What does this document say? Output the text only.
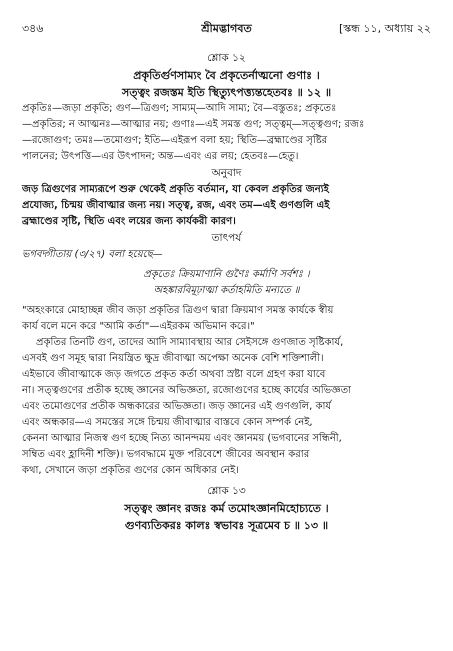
৩৪৬	শ্রীমদ্ভাগবত	[স্কন্ধ ১১, অধ্যায় ২২
শ্লোক ১২
প্রকৃতির্গুণসাম্যং বৈ প্রকৃতের্নাত্মনো গুণাঃ ।
সত্ত্বং রজস্তম ইতি স্থিত্যুৎপত্ত্যন্তহেতবঃ ॥ ১২ ॥
প্রকৃতিঃ—জড়া প্রকৃতি; গুণ—ত্রিগুণ; সাম্যম্—আদি সাম্য; বৈ—বস্তুতঃ; প্রকৃতেঃ
—প্রকৃতির; ন আত্মনঃ—আত্মার নয়; গুণাঃ—এই সমস্ত গুণ; সত্ত্বম্—সত্ত্বগুণ; রজঃ
—রজোগুণ; তমঃ—তমোগুণ; ইতি—এইরূপ বলা হয়; স্থিতি—ব্রহ্মাণ্ডের সৃষ্টির
পালনের; উৎপত্তি—এর উৎপাদন; অন্ত—এবং এর লয়; হেতবঃ—হেতু।
অনুবাদ
জড় ত্রিগুণের সাম্যরূপে শুরু থেকেই প্রকৃতি বর্তমান, যা কেবল প্রকৃতির জন্যই
প্রযোজ্য, চিন্ময় জীবাত্মার জন্য নয়। সত্ত্ব, রজ, এবং তম—এই গুণগুলি এই
ব্রহ্মাণ্ডের সৃষ্টি, স্থিতি এবং লয়ের জন্য কার্যকরী কারণ।
তাৎপর্য
ভগবদ্গীতায় (৩/২৭) বলা হয়েছে—
প্রকৃতেঃ ক্রিয়মাণানি গুণৈঃ কর্মাণি সর্বশঃ ।
অহঙ্কারবিমূঢ়াত্মা কর্তাহমিতি মন্যতে ॥
"অহংকারে মোহাচ্ছন্ন জীব জড়া প্রকৃতির ত্রিগুণ দ্বারা ক্রিয়মাণ সমস্ত কার্যকে স্বীয়
কার্য বলে মনে করে "আমি কর্তা"—এইরকম অভিমান করে।"
প্রকৃতির তিনটি গুণ, তাদের আদি সাম্যাবস্থায় আর সেইসঙ্গে গুণজাত সৃষ্টিকার্য,
এসবই গুণ সমূহ দ্বারা নিয়ন্ত্রিত ক্ষুদ্র জীবাত্মা অপেক্ষা অনেক বেশি শক্তিশালী।
এইভাবে জীবাত্মাকে জড় জগতে প্রকৃত কর্তা অথবা স্রষ্টা বলে গ্রহণ করা যাবে
না। সত্ত্বগুণের প্রতীক হচ্ছে জ্ঞানের অভিজ্ঞতা, রজোগুণের হচ্ছে কার্যের অভিজ্ঞতা
এবং তমোগুণের প্রতীক অন্ধকারের অভিজ্ঞতা। জড় জ্ঞানের এই গুণগুলি, কার্য
এবং অন্ধকার—এ সমস্তের সঙ্গে চিন্ময় জীবাত্মার বাস্তবে কোন সম্পর্ক নেই,
কেননা আত্মার নিজস্ব গুণ হচ্ছে নিত্য আনন্দময় এবং জ্ঞানময় (ভগবানের সন্ধিনী,
সম্বিত এবং হ্লাদিনী শক্তি)। ভগবদ্ধামে মুক্ত পরিবেশে জীবের অবস্থান করার
কথা, সেখানে জড়া প্রকৃতির গুণের কোন অধিকার নেই।
শ্লোক ১৩
সত্ত্বং জ্ঞানং রজঃ কর্ম তমোঽজ্ঞানমিহোচ্যতে ।
গুণব্যতিকরঃ কালঃ স্বভাবঃ সূত্রমেব চ ॥ ১৩ ॥
